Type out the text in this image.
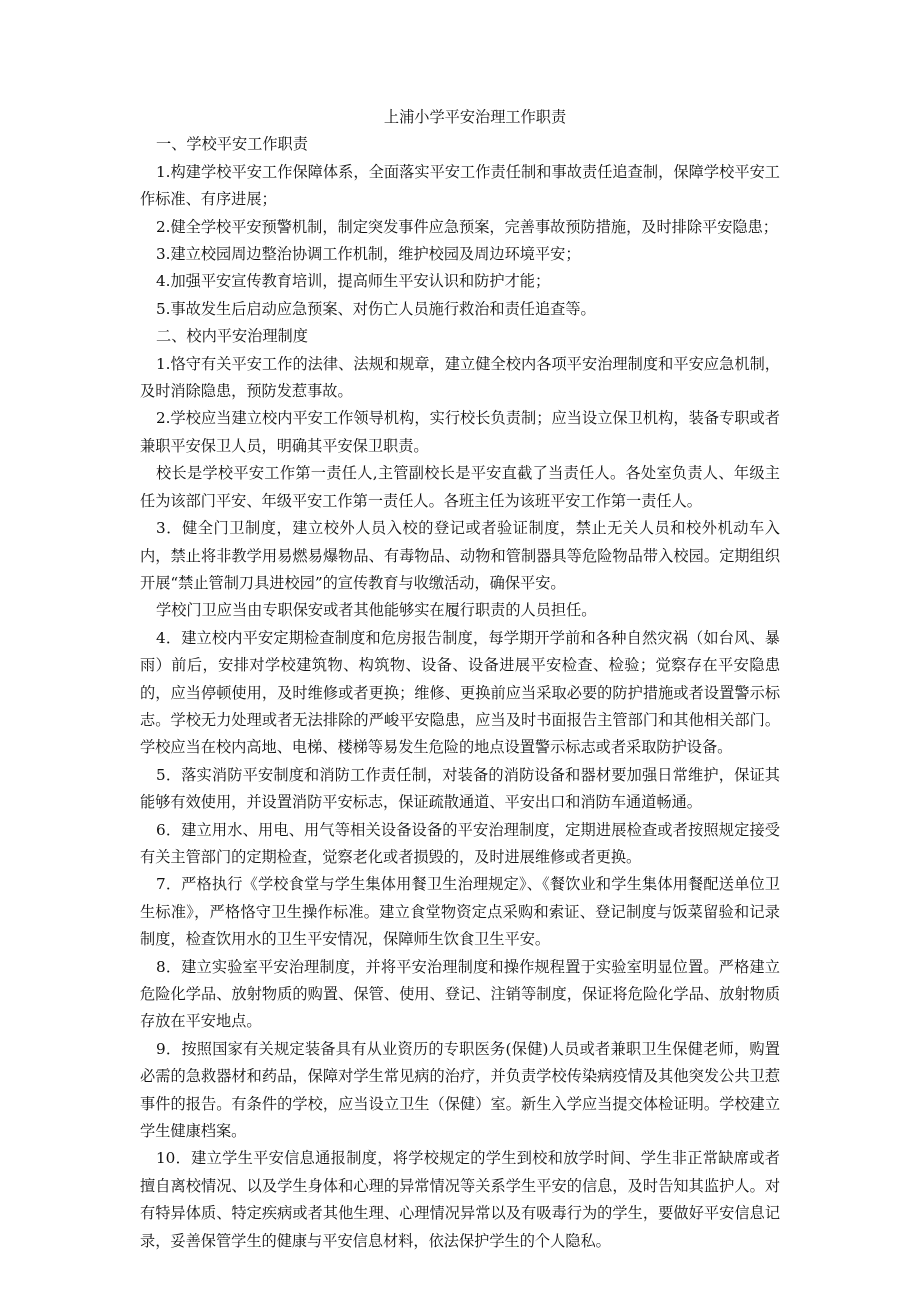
上浦小学平安治理工作职责
一、学校平安工作职责
1.构建学校平安工作保障体系，全面落实平安工作责任制和事故责任追查制，保障学校平安工作标准、有序进展；
2.健全学校平安预警机制，制定突发事件应急预案，完善事故预防措施，及时排除平安隐患；
3.建立校园周边整治协调工作机制，维护校园及周边环境平安；
4.加强平安宣传教育培训，提高师生平安认识和防护才能；
5.事故发生后启动应急预案、对伤亡人员施行救治和责任追查等。
二、校内平安治理制度
1.恪守有关平安工作的法律、法规和规章，建立健全校内各项平安治理制度和平安应急机制，及时消除隐患，预防发惹事故。
2.学校应当建立校内平安工作领导机构，实行校长负责制；应当设立保卫机构，装备专职或者兼职平安保卫人员，明确其平安保卫职责。
校长是学校平安工作第一责任人,主管副校长是平安直截了当责任人。各处室负责人、年级主任为该部门平安、年级平安工作第一责任人。各班主任为该班平安工作第一责任人。
3．健全门卫制度，建立校外人员入校的登记或者验证制度，禁止无关人员和校外机动车入内，禁止将非教学用易燃易爆物品、有毒物品、动物和管制器具等危险物品带入校园。定期组织开展“禁止管制刀具进校园”的宣传教育与收缴活动，确保平安。
学校门卫应当由专职保安或者其他能够实在履行职责的人员担任。
4．建立校内平安定期检查制度和危房报告制度，每学期开学前和各种自然灾祸（如台风、暴雨）前后，安排对学校建筑物、构筑物、设备、设备进展平安检查、检验；觉察存在平安隐患的，应当停顿使用，及时维修或者更换；维修、更换前应当采取必要的防护措施或者设置警示标志。学校无力处理或者无法排除的严峻平安隐患，应当及时书面报告主管部门和其他相关部门。学校应当在校内高地、电梯、楼梯等易发生危险的地点设置警示标志或者采取防护设备。
5．落实消防平安制度和消防工作责任制，对装备的消防设备和器材要加强日常维护，保证其能够有效使用，并设置消防平安标志，保证疏散通道、平安出口和消防车通道畅通。
6．建立用水、用电、用气等相关设备设备的平安治理制度，定期进展检查或者按照规定接受有关主管部门的定期检查，觉察老化或者损毁的，及时进展维修或者更换。
7．严格执行《学校食堂与学生集体用餐卫生治理规定》、《餐饮业和学生集体用餐配送单位卫生标准》，严格恪守卫生操作标准。建立食堂物资定点采购和索证、登记制度与饭菜留验和记录制度，检查饮用水的卫生平安情况，保障师生饮食卫生平安。
8．建立实验室平安治理制度，并将平安治理制度和操作规程置于实验室明显位置。严格建立危险化学品、放射物质的购置、保管、使用、登记、注销等制度，保证将危险化学品、放射物质存放在平安地点。
9．按照国家有关规定装备具有从业资历的专职医务(保健)人员或者兼职卫生保健老师，购置必需的急救器材和药品，保障对学生常见病的治疗，并负责学校传染病疫情及其他突发公共卫惹事件的报告。有条件的学校，应当设立卫生（保健）室。新生入学应当提交体检证明。学校建立学生健康档案。
10．建立学生平安信息通报制度，将学校规定的学生到校和放学时间、学生非正常缺席或者擅自离校情况、以及学生身体和心理的异常情况等关系学生平安的信息，及时告知其监护人。对有特异体质、特定疾病或者其他生理、心理情况异常以及有吸毒行为的学生，要做好平安信息记录，妥善保管学生的健康与平安信息材料，依法保护学生的个人隐私。
